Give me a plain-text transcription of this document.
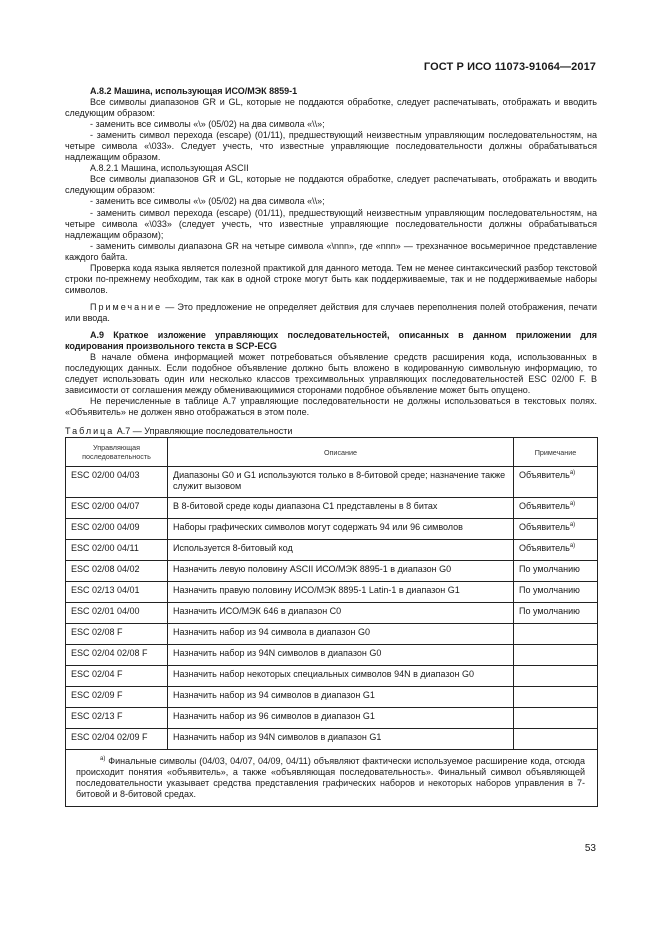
ГОСТ Р ИСО 11073-91064—2017

А.8.2 Машина, использующая ИСО/МЭК 8859-1

Все символы диапазонов GR и GL, которые не поддаются обработке, следует распечатывать, отображать и вводить следующим образом:

- заменить все символы «\» (05/02) на два символа «\\»;

- заменить символ перехода (escape) (01/11), предшествующий неизвестным управляющим последовательностям, на четыре символа «\033». Следует учесть, что известные управляющие последовательности должны обрабатываться надлежащим образом.

А.8.2.1 Машина, использующая ASCII

Все символы диапазонов GR и GL, которые не поддаются обработке, следует распечатывать, отображать и вводить следующим образом:

- заменить все символы «\» (05/02) на два символа «\\»;

- заменить символ перехода (escape) (01/11), предшествующий неизвестным управляющим последовательностям, на четыре символа «\033» (следует учесть, что известные управляющие последовательности должны обрабатываться надлежащим образом);

- заменить символы диапазона GR на четыре символа «\nnn», где «nnn» — трехзначное восьмеричное представление каждого байта.

Проверка кода языка является полезной практикой для данного метода. Тем не менее синтаксический разбор текстовой строки по-прежнему необходим, так как в одной строке могут быть как поддерживаемые, так и не поддерживаемые наборы символов.

Примечание — Это предложение не определяет действия для случаев переполнения полей отображения, печати или ввода.

А.9 Краткое изложение управляющих последовательностей, описанных в данном приложении для кодирования произвольного текста в SCP-ECG

В начале обмена информацией может потребоваться объявление средств расширения кода, использованных в последующих данных. Если подобное объявление должно быть вложено в кодированную символьную информацию, то следует использовать один или несколько классов трехсимвольных управляющих последовательностей ESC 02/00 F. В зависимости от соглашения между обменивающимися сторонами подобное объявление может быть опущено.

Не перечисленные в таблице А.7 управляющие последовательности не должны использоваться в текстовых полях. «Объявитель» не должен явно отображаться в этом поле.

Таблица А.7 — Управляющие последовательности

Управляющая последовательность	Описание	Примечание
ESC 02/00 04/03	Диапазоны G0 и G1 используются только в 8-битовой среде; назначение также служит вызовом	Объявитель$^{а)}$
ESC 02/00 04/07	В 8-битовой среде коды диапазона С1 представлены в 8 битах	Объявитель$^{а)}$
ESC 02/00 04/09	Наборы графических символов могут содержать 94 или 96 символов	Объявитель$^{а)}$
ESC 02/00 04/11	Используется 8-битовый код	Объявитель$^{а)}$
ESC 02/08 04/02	Назначить левую половину ASCII ИСО/МЭК 8895-1 в диапазон G0	По умолчанию
ESC 02/13 04/01	Назначить правую половину ИСО/МЭК 8895-1 Latin-1 в диапазон G1	По умолчанию
ESC 02/01 04/00	Назначить ИСО/МЭК 646 в диапазон С0	По умолчанию
ESC 02/08 F	Назначить набор из 94 символа в диапазон G0	
ESC 02/04 02/08 F	Назначить набор из 94N символов в диапазон G0	
ESC 02/04 F	Назначить набор некоторых специальных символов 94N в диапазон G0	
ESC 02/09 F	Назначить набор из 94 символов в диапазон G1	
ESC 02/13 F	Назначить набор из 96 символов в диапазон G1	
ESC 02/04 02/09 F	Назначить набор из 94N символов в диапазон G1	

$^{а)}$ Финальные символы (04/03, 04/07, 04/09, 04/11) объявляют фактически используемое расширение кода, отсюда происходит понятия «объявитель», а также «объявляющая последовательность». Финальный символ объявляющей последовательности указывает средства представления графических наборов и некоторых наборов управления в 7-битовой и 8-битовой средах.		

53
